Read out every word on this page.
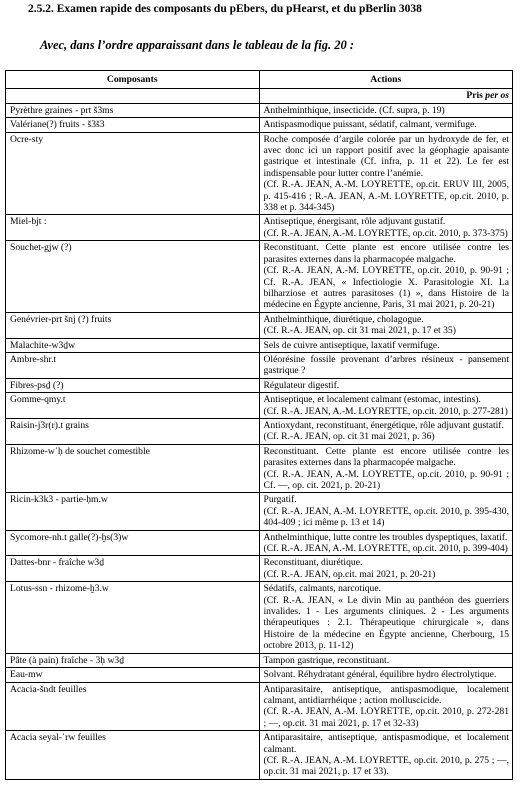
2.5.2. Examen rapide des composants du pEbers, du pHearst, et du pBerlin 3038
Avec, dans l’ordre apparaissant dans le tableau de la fig. 20 :
Composants	Actions
	Pris per os
Pyrèthre graines - prt š3ms	Anthelminthique, insecticide. (Cf. supra, p. 19)
Valériane(?) fruits - š3š3	Antispasmodique puissant, sédatif, calmant, vermifuge.
Ocre-sty	Roche composée d’argile colorée par un hydroxyde de fer, et avec donc ici un rapport positif avec la géophagie apaisante gastrique et intestinale (Cf. infra, p. 11 et 22). Le fer est indispensable pour lutter contre l’anémie.
(Cf. R.-A. JEAN, A.-M. LOYRETTE, op.cit. ERUV III, 2005, p. 415-416 ; R.-A. JEAN, A.-M. LOYRETTE, op.cit. 2010, p. 338 et p. 344-345)

Miel-bjt :	Antiseptique, énergisant, rôle adjuvant gustatif.
(Cf. R.-A. JEAN, A.-M. LOYRETTE, op.cit. 2010, p. 373-375)

Souchet-gjw (?)	Reconstituant. Cette plante est encore utilisée contre les parasites externes dans la pharmacopée malgache.
(Cf. R.-A. JEAN, A.-M. LOYRETTE, op.cit. 2010, p. 90-91 ; Cf. R.-A. JEAN, « Infectiologie X. Parasitologie XI. La bilharziose et autres parasitoses (1) », dans Histoire de la médecine en Égypte ancienne, Paris, 31 mai 2021, p. 20-21)

Genévrier-prt šnj (?) fruits	Anthelminthique, diurétique, cholagogue.
(Cf. R.-A. JEAN, op. cit 31 mai 2021, p. 17 et 35)

Malachite-w3ḏw	Sels de cuivre antiseptique, laxatif vermifuge.
Ambre-shr.t	Oléorésine fossile provenant d’arbres résineux - pansement gastrique ?
Fibres-psḏ (?)	Régulateur digestif.
Gomme-qmy.t	Antiseptique, et localement calmant (estomac, intestins).
(Cf. R.-A. JEAN, A.-M. LOYRETTE, op.cit. 2010, p. 277-281)

Raisin-j3r(r).t grains	Antioxydant, reconstituant, énergétique, rôle adjuvant gustatif.
(Cf. R.-A. JEAN, op. cit 31 mai 2021, p. 36)

Rhizome-w῾ḥ de souchet comestible	Reconstituant. Cette plante est encore utilisée contre les parasites externes dans la pharmacopée malgache.
(Cf. R.-A. JEAN, A.-M. LOYRETTE, op.cit. 2010, p. 90-91 ; Cf. —, op. cit. 2021, p. 20-21)

Ricin-k3k3 - partie-ḥm.w	Purgatif.
(Cf. R.-A. JEAN, A.-M. LOYRETTE, op.cit. 2010, p. 395-430, 404-409 ; ici même p. 13 et 14)

Sycomore-nh.t galle(?)-ḫs(3)w	Anthelminthique, lutte contre les troubles dyspeptiques, laxatif.
(Cf. R.-A. JEAN, A.-M. LOYRETTE, op.cit. 2010, p. 399-404)

Dattes-bnr - fraîche w3ḏ	Reconstituant, diurétique.
(Cf. R.-A. JEAN, op.cit. mai 2021, p. 20-21)

Lotus-ssn - rhizome-ḫ3.w	Sédatifs, calmants, narcotique.
(Cf. R.-A. JEAN, « Le divin Min au panthéon des guerriers invalides. 1 - Les arguments cliniques. 2 - Les arguments thérapeutiques : 2.1. Thérapeutique chirurgicale », dans Histoire de la médecine en Égypte ancienne, Cherbourg, 15 octobre 2013, p. 11-12)

Pâte (à pain) fraîche - 3ḥ w3ḏ	Tampon gastrique, reconstituant.
Eau-mw	Solvant. Réhydratant général, équilibre hydro électrolytique.
Acacia-šndt feuilles	Antiparasitaire, antiseptique, antispasmodique, localement calmant, antidiarrhéique ; action molluscicide.
(Cf. R.-A. JEAN, A.-M. LOYRETTE, op.cit. 2010, p. 272-281 ; —, op.cit. 31 mai 2021, p. 17 et 32-33)

Acacia seyal-῾rw feuilles	Antiparasitaire, antiseptique, antispasmodique, et localement calmant.
(Cf. R.-A. JEAN, A.-M. LOYRETTE, op.cit. 2010, p. 275 ; —, op.cit. 31 mai 2021, p. 17 et 33).
